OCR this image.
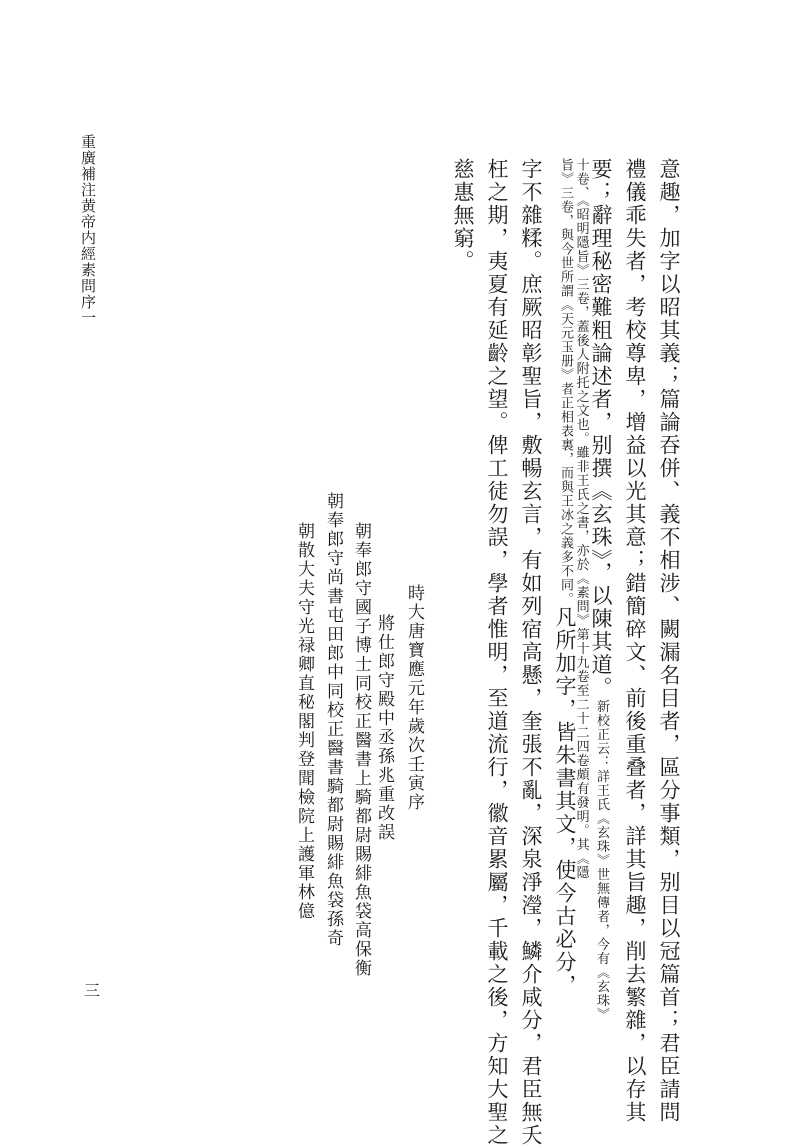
重廣補注黄帝内經素問序一
三	意趣，加字以昭其義；篇論吞併、義不相涉、闕漏名目者，區分事類，别目以冠篇首；君臣請問
禮儀乖失者，考校尊卑，增益以光其意；錯簡碎文、前後重叠者，詳其旨趣，削去繁雜，以存其
要；辭理秘密難粗論述者，别撰《玄珠》，以陳其道。新校正云：詳王氏《玄珠》世無傳者，今有《玄珠》
十卷、《昭明隱旨》三卷，蓋後人附托之文也。雖非王氏之書，亦於《素問》第十九卷至二十二四卷頗有發明。其《隱
旨》三卷，與今世所謂《天元玉册》者正相表裏，而與王冰之義多不同。凡所加字，皆朱書其文，使今古必分，
字不雜糅。庶厥昭彰聖旨，敷暢玄言，有如列宿高懸，奎張不亂，深泉淨瀅，鱗介咸分，君臣無夭
枉之期，夷夏有延齡之望。俾工徒勿誤，學者惟明，至道流行，徽音累屬，千載之後，方知大聖之
慈惠無窮。
時大唐寶應元年歲次壬寅序
將仕郎守殿中丞孫兆重改誤
朝奉郎守國子博士同校正醫書上騎都尉賜緋魚袋高保衡
朝奉郎守尚書屯田郎中同校正醫書騎都尉賜緋魚袋孫奇
朝散大夫守光禄卿直秘閣判登聞檢院上護軍林億
